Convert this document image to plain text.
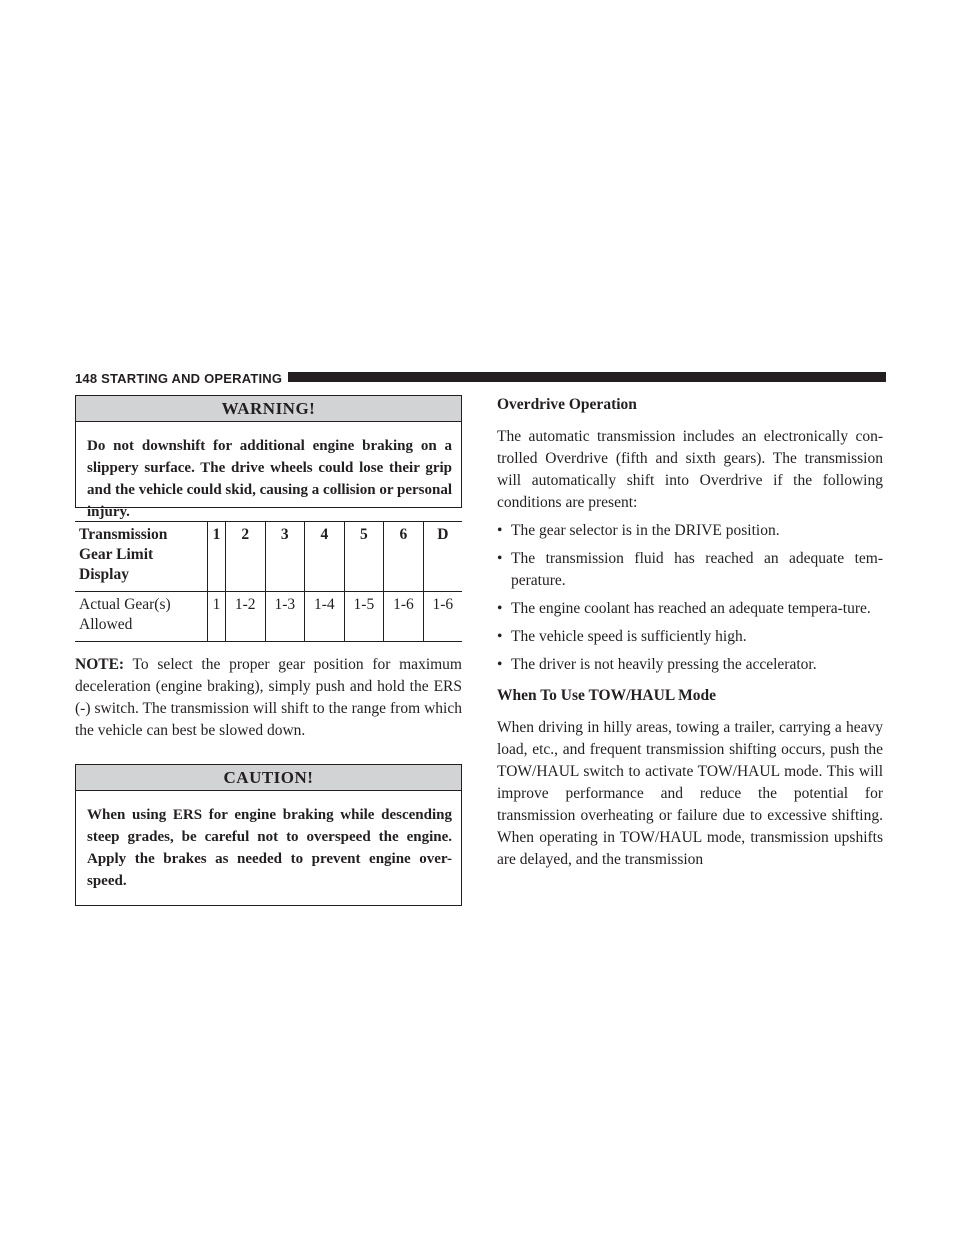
148 STARTING AND OPERATING
WARNING!
Do not downshift for additional engine braking on a slippery surface. The drive wheels could lose their grip and the vehicle could skid, causing a collision or personal injury.
Transmission Gear Limit Display	1	2	3	4	5	6	D
Actual Gear(s) Allowed	1	1-2	1-3	1-4	1-5	1-6	1-6
NOTE: To select the proper gear position for maximum deceleration (engine braking), simply push and hold the ERS (-) switch. The transmission will shift to the range from which the vehicle can best be slowed down.
CAUTION!
When using ERS for engine braking while descending steep grades, be careful not to overspeed the engine. Apply the brakes as needed to prevent engine over-speed.
Overdrive Operation

The automatic transmission includes an electronically con-trolled Overdrive (fifth and sixth gears). The transmission will automatically shift into Overdrive if the following conditions are present:

• The gear selector is in the DRIVE position.
• The transmission fluid has reached an adequate tem-perature.
• The engine coolant has reached an adequate tempera-ture.
• The vehicle speed is sufficiently high.
• The driver is not heavily pressing the accelerator.
When To Use TOW/HAUL Mode

When driving in hilly areas, towing a trailer, carrying a heavy load, etc., and frequent transmission shifting occurs, push the TOW/HAUL switch to activate TOW/HAUL mode. This will improve performance and reduce the potential for transmission overheating or failure due to excessive shifting. When operating in TOW/HAUL mode, transmission upshifts are delayed, and the transmission
